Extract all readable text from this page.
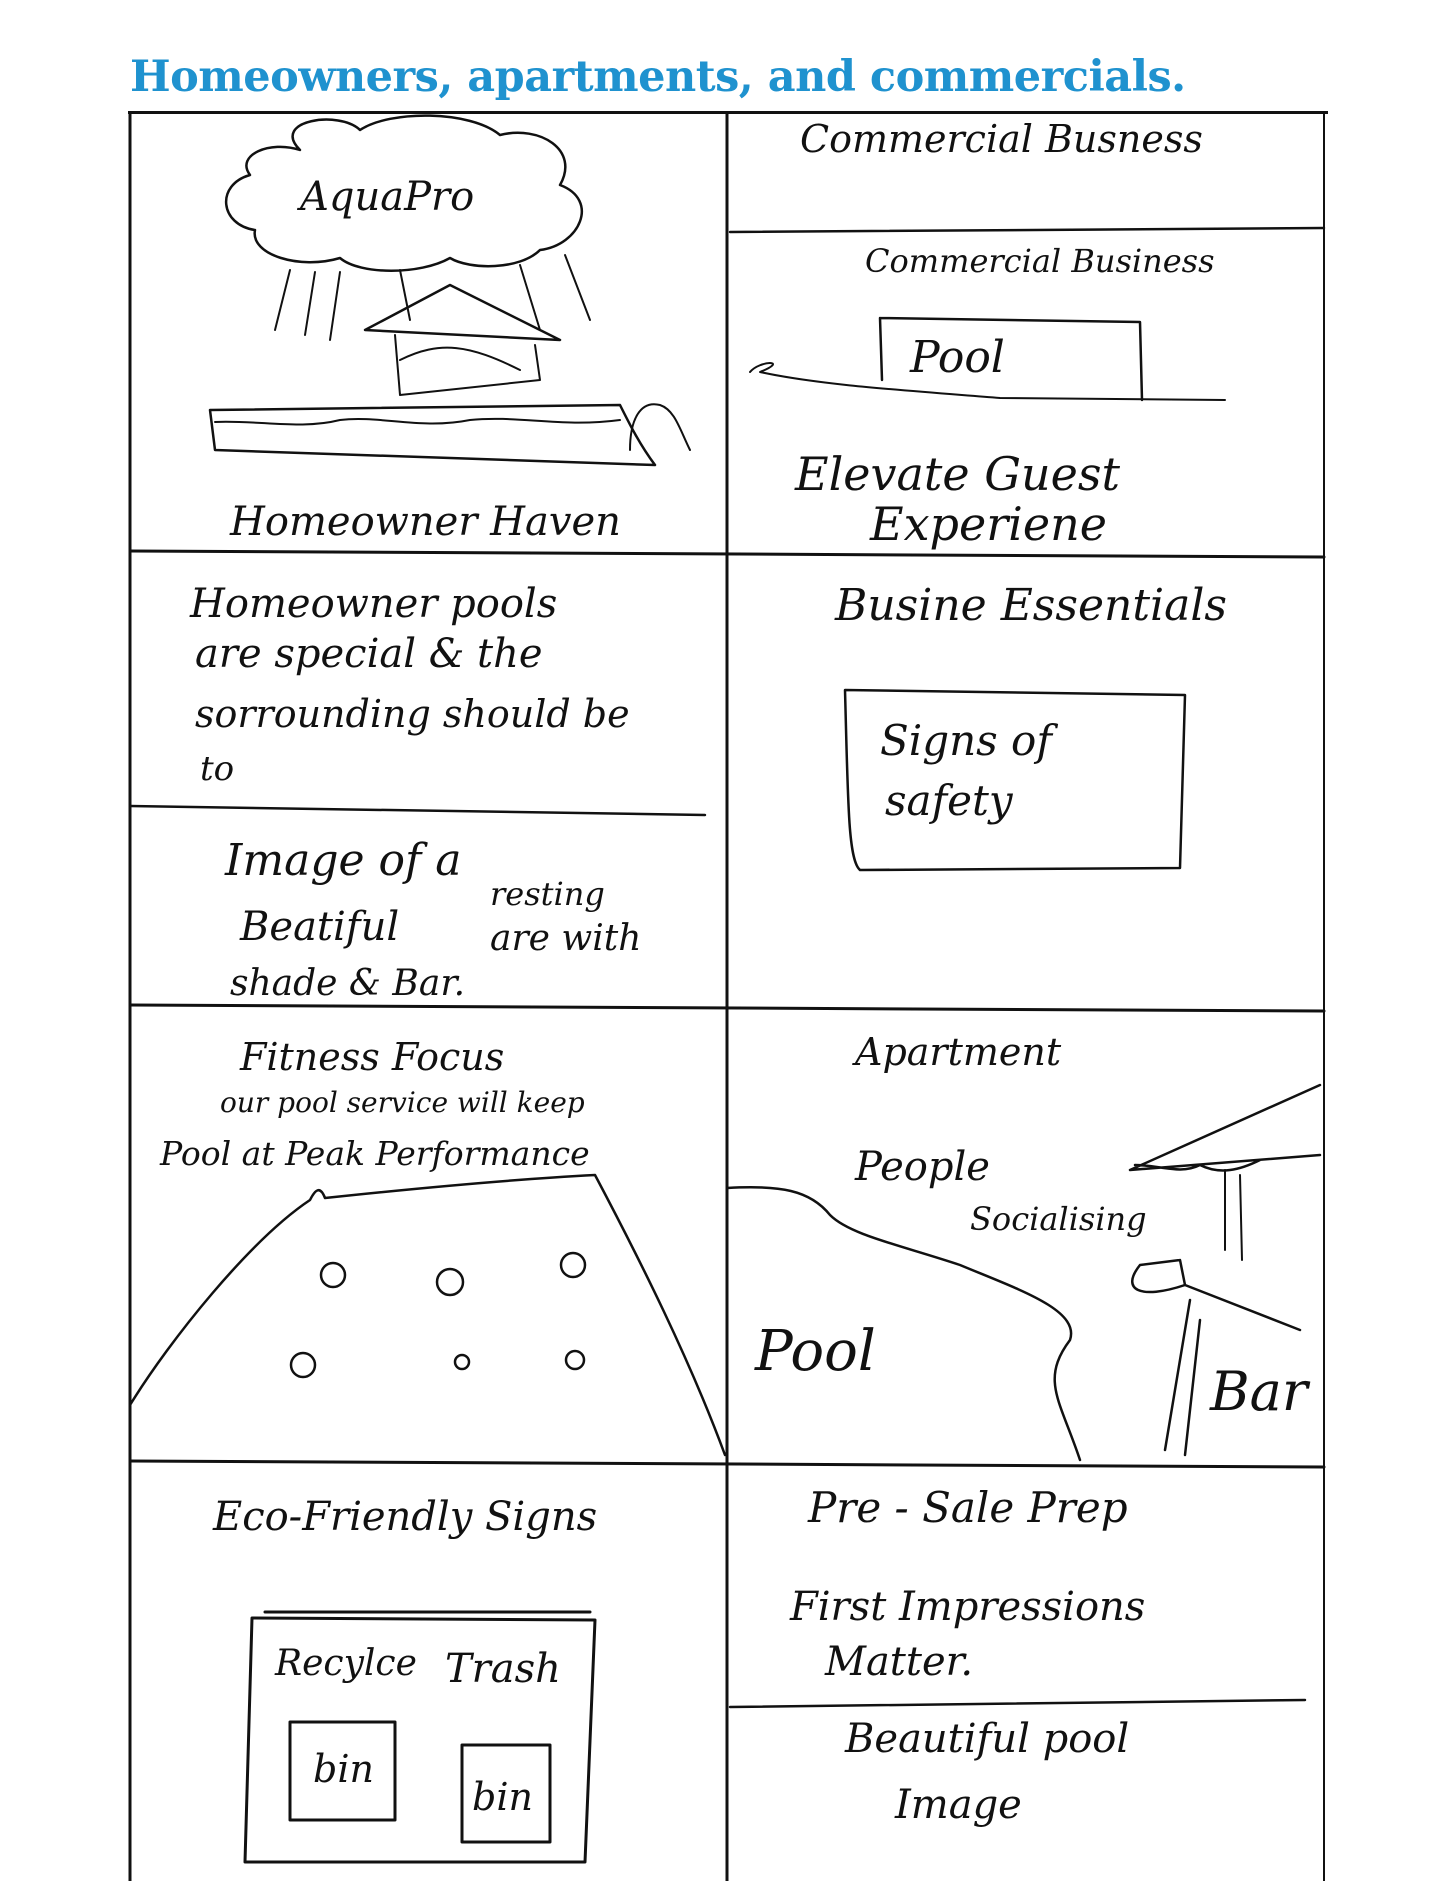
Homeowners, apartments, and commercials.
AquaPro
Homeowner Haven
Commercial Busness
Commercial Business
Pool
Elevate Guest
Experiene
Homeowner pools
are special & the
sorrounding should be
to
Image of a
Beatiful
resting
are with
shade & Bar.
Busine Essentials
Signs of
safety
Fitness Focus
our pool service will keep
Pool at Peak Performance
Apartment
People
Socialising
Pool
Bar
Eco-Friendly Signs
Recylce Trash
bin
bin
Pre - Sale Prep
First Impressions
Matter.
Beautiful pool
Image
